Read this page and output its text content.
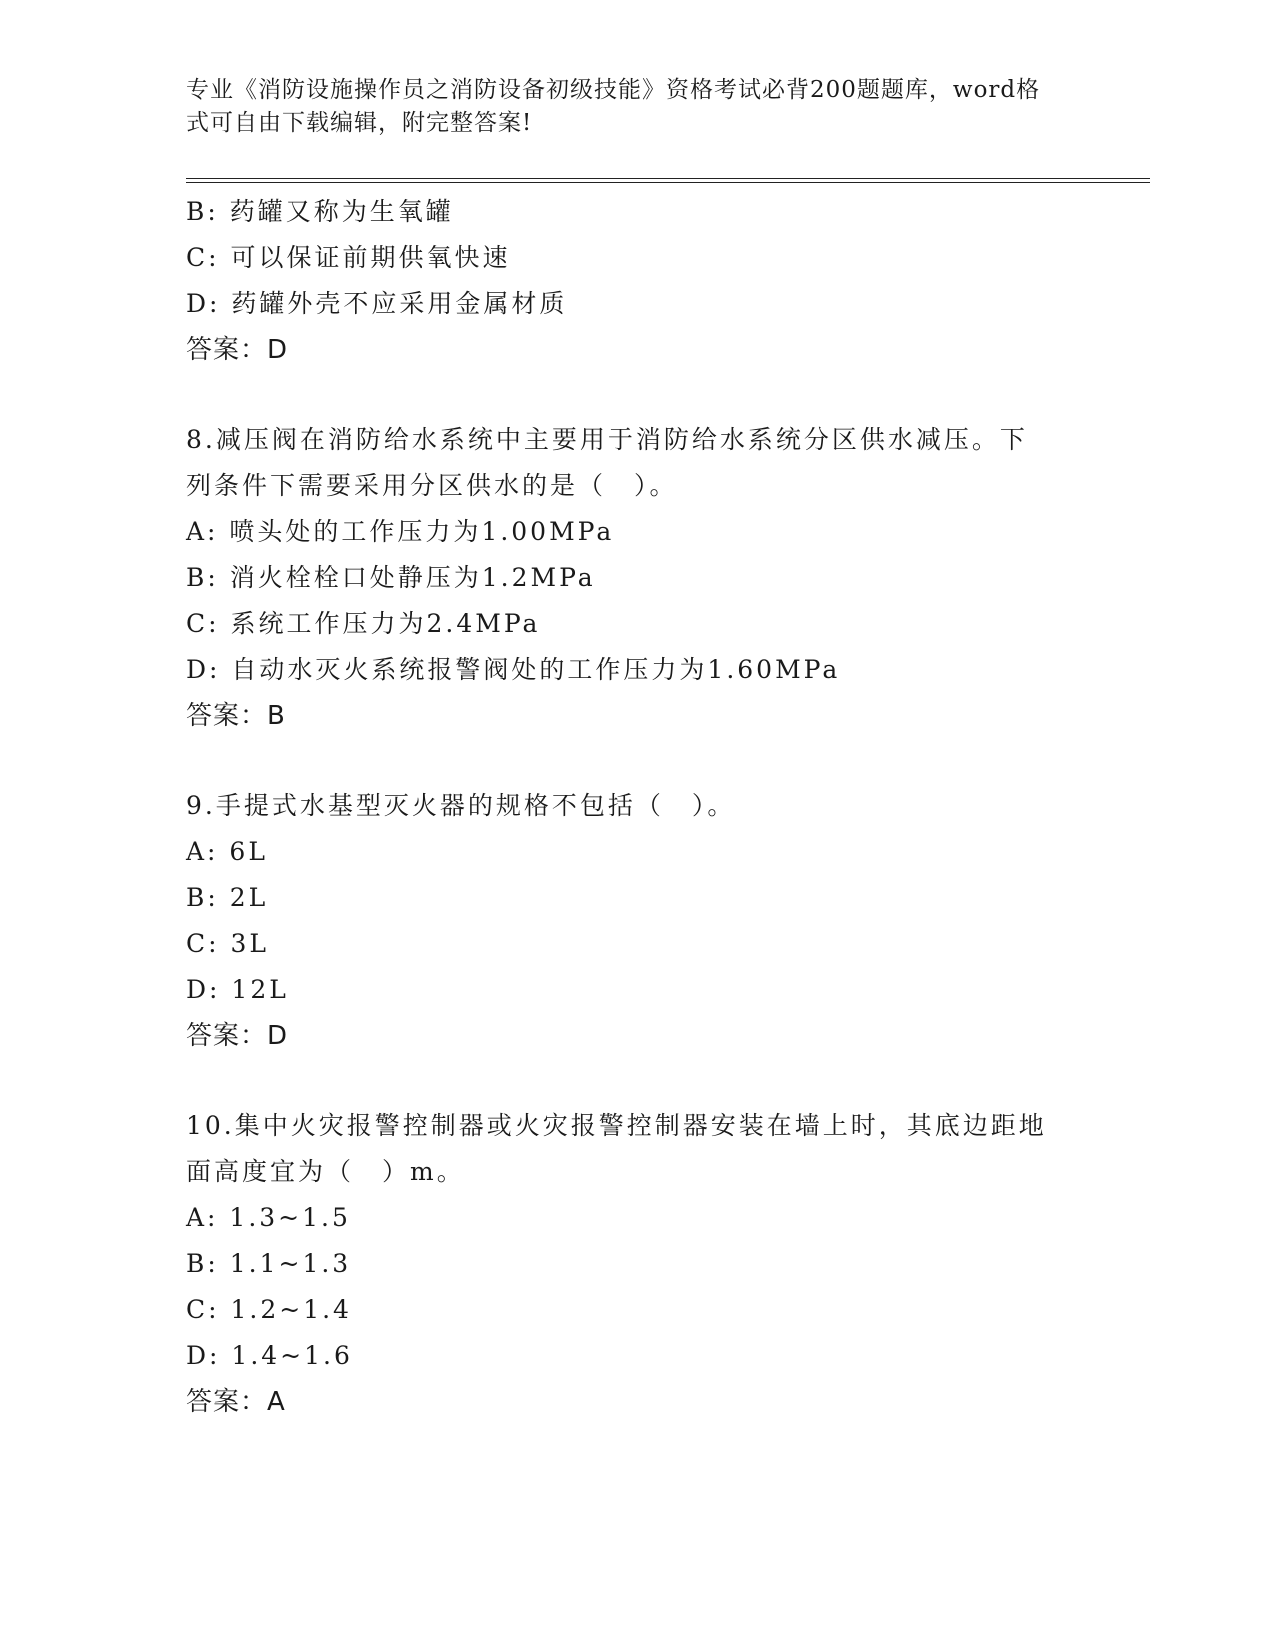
专业《消防设施操作员之消防设备初级技能》资格考试必背200题题库，word格
式可自由下载编辑，附完整答案!
B: 药罐又称为生氧罐
C: 可以保证前期供氧快速
D: 药罐外壳不应采用金属材质
答案：D
8.减压阀在消防给水系统中主要用于消防给水系统分区供水减压。下
列条件下需要采用分区供水的是（　）。
A: 喷头处的工作压力为1.00MPa
B: 消火栓栓口处静压为1.2MPa
C: 系统工作压力为2.4MPa
D: 自动水灭火系统报警阀处的工作压力为1.60MPa
答案：B
9.手提式水基型灭火器的规格不包括（　）。
A: 6L
B: 2L
C: 3L
D: 12L
答案：D
10.集中火灾报警控制器或火灾报警控制器安装在墙上时，其底边距地
面高度宜为（　）m。
A: 1.3~1.5
B: 1.1~1.3
C: 1.2~1.4
D: 1.4~1.6
答案：A
